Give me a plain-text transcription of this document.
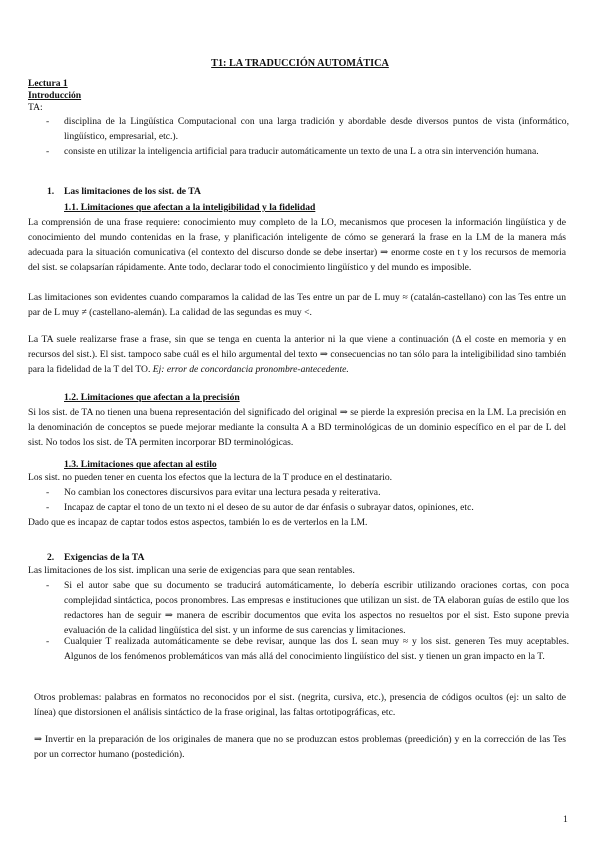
T1: LA TRADUCCIÓN AUTOMÁTICA
Lectura 1
Introducción
TA:
- disciplina de la Lingüística Computacional con una larga tradición y abordable desde diversos puntos de vista (informático, lingüístico, empresarial, etc.).
- consiste en utilizar la inteligencia artificial para traducir automáticamente un texto de una L a otra sin intervención humana.
1. Las limitaciones de los sist. de TA
1.1. Limitaciones que afectan a la inteligibilidad y la fidelidad
La comprensión de una frase requiere: conocimiento muy completo de la LO, mecanismos que procesen la información lingüística y de conocimiento del mundo contenidas en la frase, y planificación inteligente de cómo se generará la frase en la LM de la manera más adecuada para la situación comunicativa (el contexto del discurso donde se debe insertar) ⇒ enorme coste en t y los recursos de memoria del sist. se colapsarían rápidamente. Ante todo, declarar todo el conocimiento lingüístico y del mundo es imposible.
Las limitaciones son evidentes cuando comparamos la calidad de las Tes entre un par de L muy ≈ (catalán-castellano) con las Tes entre un par de L muy ≠ (castellano-alemán). La calidad de las segundas es muy <.
La TA suele realizarse frase a frase, sin que se tenga en cuenta la anterior ni la que viene a continuación (Δ el coste en memoria y en recursos del sist.). El sist. tampoco sabe cuál es el hilo argumental del texto ⇒ consecuencias no tan sólo para la inteligibilidad sino también para la fidelidad de la T del TO. Ej: error de concordancia pronombre-antecedente.
1.2. Limitaciones que afectan a la precisión
Si los sist. de TA no tienen una buena representación del significado del original ⇒ se pierde la expresión precisa en la LM. La precisión en la denominación de conceptos se puede mejorar mediante la consulta A a BD terminológicas de un dominio específico en el par de L del sist. No todos los sist. de TA permiten incorporar BD terminológicas.
1.3. Limitaciones que afectan al estilo
Los sist. no pueden tener en cuenta los efectos que la lectura de la T produce en el destinatario.
- No cambian los conectores discursivos para evitar una lectura pesada y reiterativa.
- Incapaz de captar el tono de un texto ni el deseo de su autor de dar énfasis o subrayar datos, opiniones, etc.
Dado que es incapaz de captar todos estos aspectos, también lo es de verterlos en la LM.
2. Exigencias de la TA
Las limitaciones de los sist. implican una serie de exigencias para que sean rentables.
- Si el autor sabe que su documento se traducirá automáticamente, lo debería escribir utilizando oraciones cortas, con poca complejidad sintáctica, pocos pronombres. Las empresas e instituciones que utilizan un sist. de TA elaboran guías de estilo que los redactores han de seguir ⇒ manera de escribir documentos que evita los aspectos no resueltos por el sist. Esto supone previa evaluación de la calidad lingüística del sist. y un informe de sus carencias y limitaciones.
- Cualquier T realizada automáticamente se debe revisar, aunque las dos L sean muy ≈ y los sist. generen Tes muy aceptables. Algunos de los fenómenos problemáticos van más allá del conocimiento lingüístico del sist. y tienen un gran impacto en la T.
Otros problemas: palabras en formatos no reconocidos por el sist. (negrita, cursiva, etc.), presencia de códigos ocultos (ej: un salto de línea) que distorsionen el análisis sintáctico de la frase original, las faltas ortotipográficas, etc.
⇒ Invertir en la preparación de los originales de manera que no se produzcan estos problemas (preedición) y en la corrección de las Tes por un corrector humano (postedición).
1
